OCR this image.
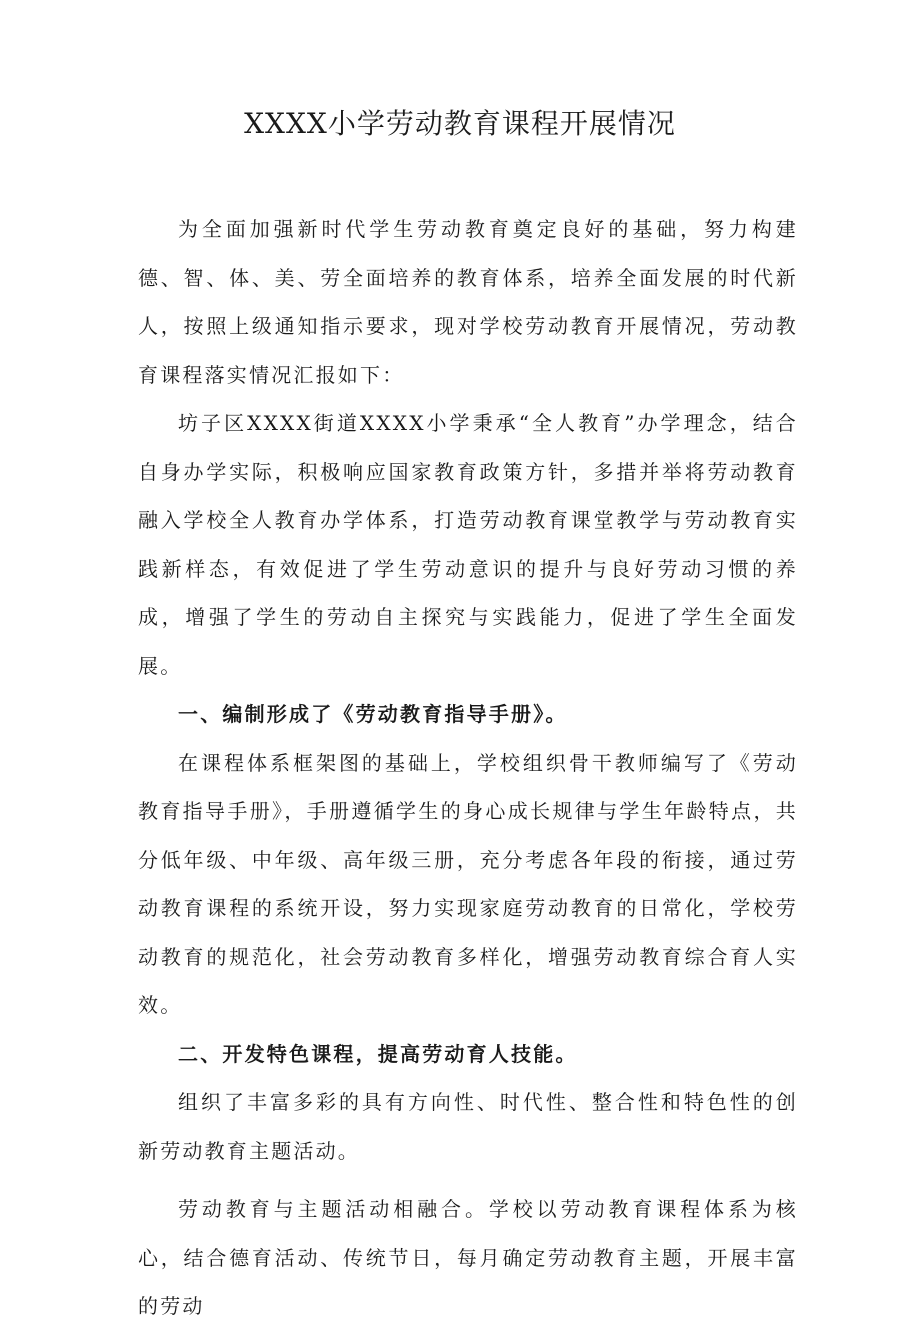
XXXX小学劳动教育课程开展情况

为全面加强新时代学生劳动教育奠定良好的基础，努力构建德、智、体、美、劳全面培养的教育体系，培养全面发展的时代新人，按照上级通知指示要求，现对学校劳动教育开展情况，劳动教育课程落实情况汇报如下：

坊子区XXXX街道XXXX小学秉承“全人教育”办学理念，结合自身办学实际，积极响应国家教育政策方针，多措并举将劳动教育融入学校全人教育办学体系，打造劳动教育课堂教学与劳动教育实践新样态，有效促进了学生劳动意识的提升与良好劳动习惯的养成，增强了学生的劳动自主探究与实践能力，促进了学生全面发展。

一、编制形成了《劳动教育指导手册》。

在课程体系框架图的基础上，学校组织骨干教师编写了《劳动教育指导手册》，手册遵循学生的身心成长规律与学生年龄特点，共分低年级、中年级、高年级三册，充分考虑各年段的衔接，通过劳动教育课程的系统开设，努力实现家庭劳动教育的日常化，学校劳动教育的规范化，社会劳动教育多样化，增强劳动教育综合育人实效。

二、开发特色课程，提高劳动育人技能。

组织了丰富多彩的具有方向性、时代性、整合性和特色性的创新劳动教育主题活动。

劳动教育与主题活动相融合。学校以劳动教育课程体系为核心，结合德育活动、传统节日，每月确定劳动教育主题，开展丰富的劳动
